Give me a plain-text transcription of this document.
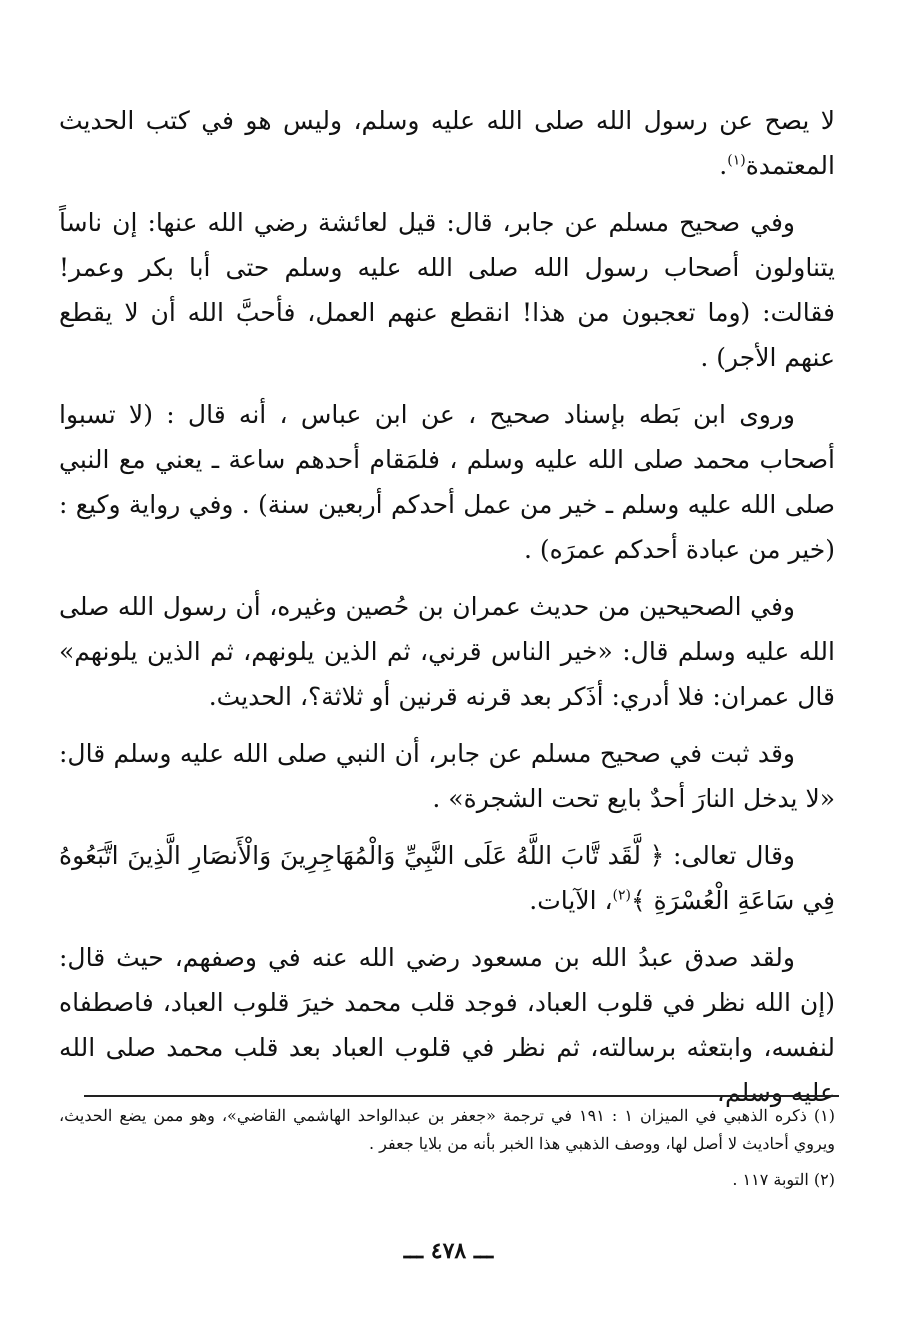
لا يصح عن رسول الله صلى الله عليه وسلم، وليس هو في كتب الحديث المعتمدة$^{(١)}$.

وفي صحيح مسلم عن جابر، قال: قيل لعائشة رضي الله عنها: إن ناساً يتناولون أصحاب رسول الله صلى الله عليه وسلم حتى أبا بكر وعمر! فقالت: (وما تعجبون من هذا! انقطع عنهم العمل، فأحبَّ الله أن لا يقطع عنهم الأجر) .

وروى ابن بَطه بإسناد صحيح ، عن ابن عباس ، أنه قال : (لا تسبوا أصحاب محمد صلى الله عليه وسلم ، فلمَقام أحدهم ساعة ـ يعني مع النبي صلى الله عليه وسلم ـ خير من عمل أحدكم أربعين سنة) . وفي رواية وكيع : (خير من عبادة أحدكم عمرَه) .

وفي الصحيحين من حديث عمران بن حُصين وغيره، أن رسول الله صلى الله عليه وسلم قال: «خير الناس قرني، ثم الذين يلونهم، ثم الذين يلونهم» قال عمران: فلا أدري: أذَكر بعد قرنه قرنين أو ثلاثة؟، الحديث.

وقد ثبت في صحيح مسلم عن جابر، أن النبي صلى الله عليه وسلم قال: «لا يدخل النارَ أحدٌ بايع تحت الشجرة» .

وقال تعالى: ﴿ لَّقَد تَّابَ اللَّهُ عَلَى النَّبِيِّ وَالْمُهَاجِرِينَ وَالْأَنصَارِ الَّذِينَ اتَّبَعُوهُ فِي سَاعَةِ الْعُسْرَةِ ﴾$^{(٢)}$، الآيات.

ولقد صدق عبدُ الله بن مسعود رضي الله عنه في وصفهم، حيث قال: (إن الله نظر في قلوب العباد، فوجد قلب محمد خيرَ قلوب العباد، فاصطفاه لنفسه، وابتعثه برسالته، ثم نظر في قلوب العباد بعد قلب محمد صلى الله عليه وسلم،

(١) ذكره الذهبي في الميزان ١ : ١٩١ في ترجمة «جعفر بن عبدالواحد الهاشمي القاضي»، وهو ممن يضع الحديث، ويروي أحاديث لا أصل لها، ووصف الذهبي هذا الخبر بأنه من بلايا جعفر .

(٢) التوبة ١١٧ .

ـــ ٤٧٨ ـــ
